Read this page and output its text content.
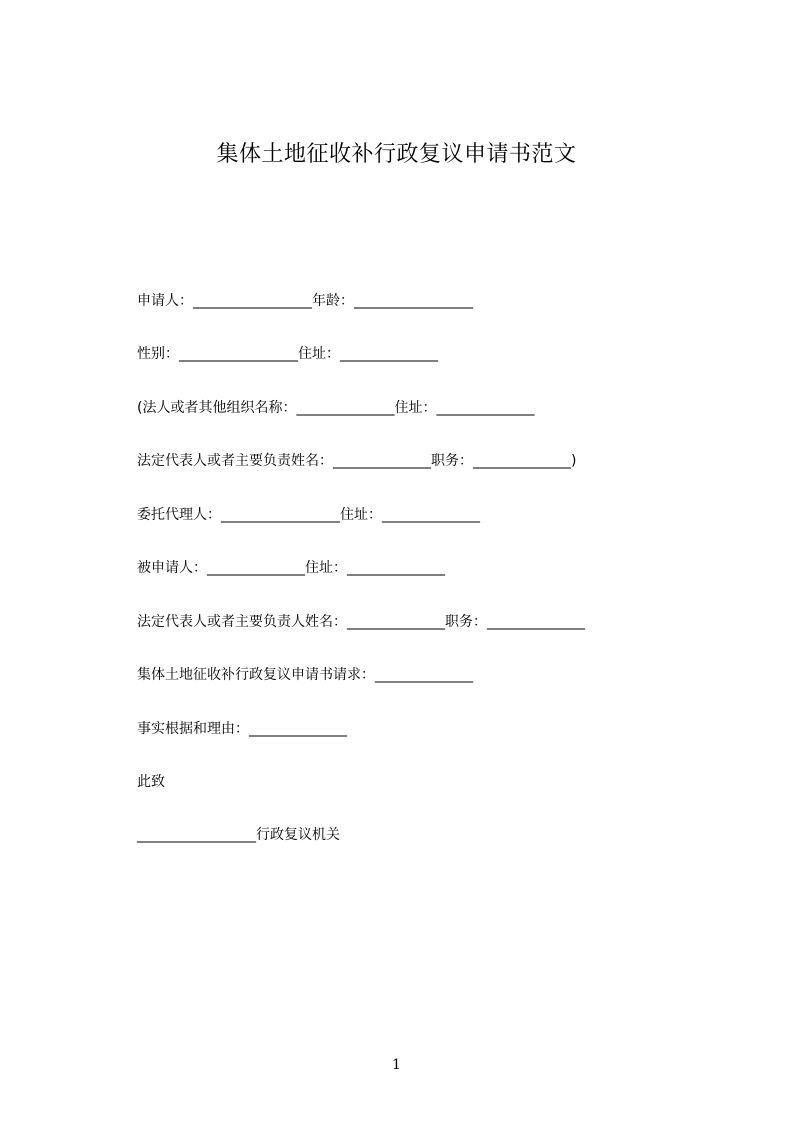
集体土地征收补行政复议申请书范文

申请人：_________________年龄：_________________

性别：_________________住址：______________

(法人或者其他组织名称：______________住址：______________

法定代表人或者主要负责姓名：______________职务：______________)

委托代理人：_________________住址：______________

被申请人：______________住址：______________

法定代表人或者主要负责人姓名：______________职务：______________

集体土地征收补行政复议申请书请求：______________

事实根据和理由：______________

此致

_________________行政复议机关

1
